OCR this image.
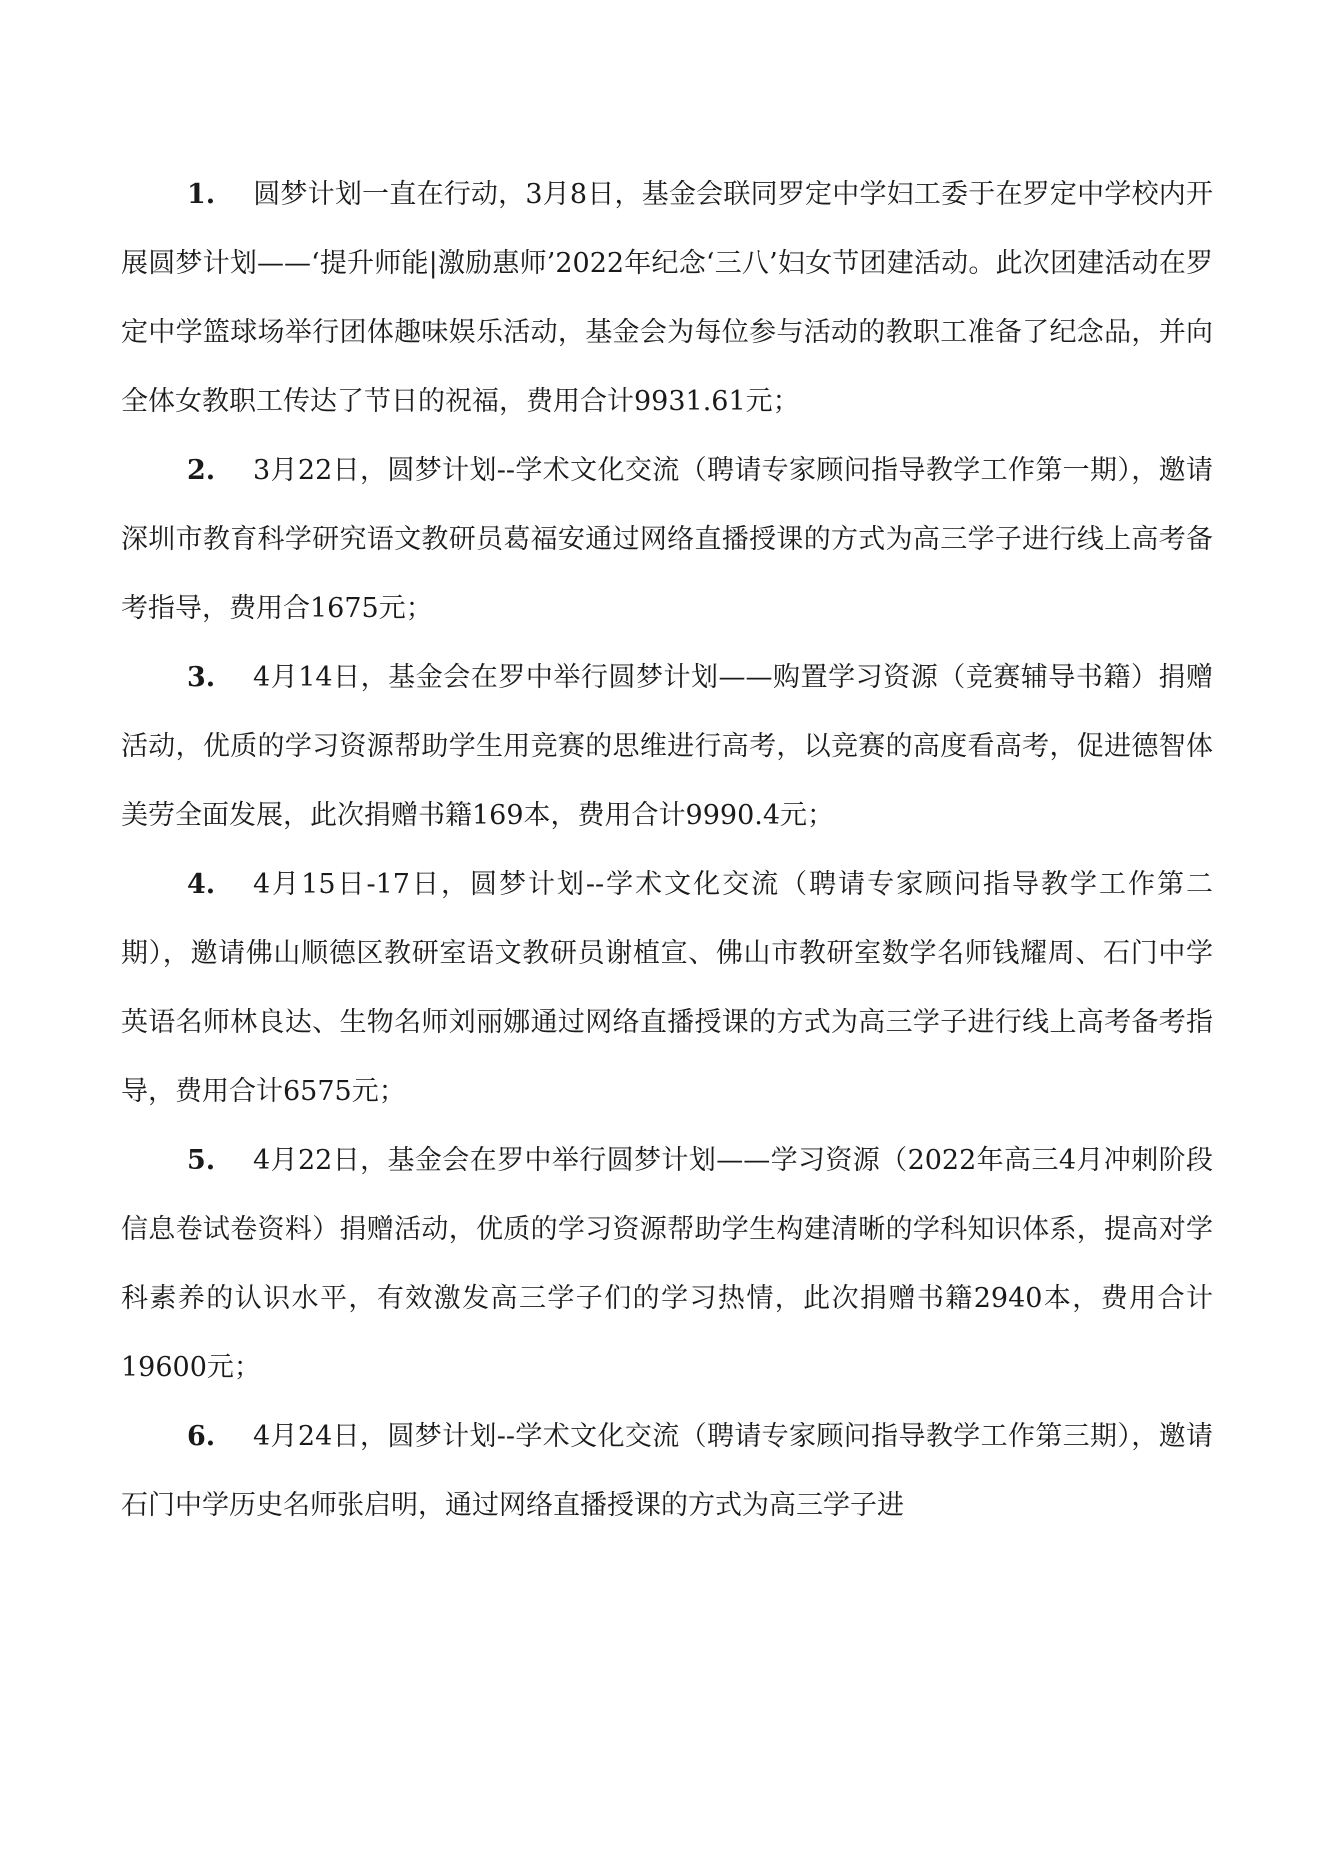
1. 圆梦计划一直在行动，3月8日，基金会联同罗定中学妇工委于在罗定中学校内开展圆梦计划——‘提升师能|激励惠师’2022年纪念‘三八’妇女节团建活动。此次团建活动在罗定中学篮球场举行团体趣味娱乐活动，基金会为每位参与活动的教职工准备了纪念品，并向全体女教职工传达了节日的祝福，费用合计9931.61元；

2. 3月22日，圆梦计划--学术文化交流（聘请专家顾问指导教学工作第一期），邀请深圳市教育科学研究语文教研员葛福安通过网络直播授课的方式为高三学子进行线上高考备考指导，费用合1675元；

3. 4月14日，基金会在罗中举行圆梦计划——购置学习资源（竞赛辅导书籍）捐赠活动，优质的学习资源帮助学生用竞赛的思维进行高考，以竞赛的高度看高考，促进德智体美劳全面发展，此次捐赠书籍169本，费用合计9990.4元；

4. 4月15日-17日，圆梦计划--学术文化交流（聘请专家顾问指导教学工作第二期），邀请佛山顺德区教研室语文教研员谢植宣、佛山市教研室数学名师钱耀周、石门中学英语名师林良达、生物名师刘丽娜通过网络直播授课的方式为高三学子进行线上高考备考指导，费用合计6575元；

5. 4月22日，基金会在罗中举行圆梦计划——学习资源（2022年高三4月冲刺阶段信息卷试卷资料）捐赠活动，优质的学习资源帮助学生构建清晰的学科知识体系，提高对学科素养的认识水平，有效激发高三学子们的学习热情，此次捐赠书籍2940本，费用合计19600元；

6. 4月24日，圆梦计划--学术文化交流（聘请专家顾问指导教学工作第三期），邀请石门中学历史名师张启明，通过网络直播授课的方式为高三学子进
